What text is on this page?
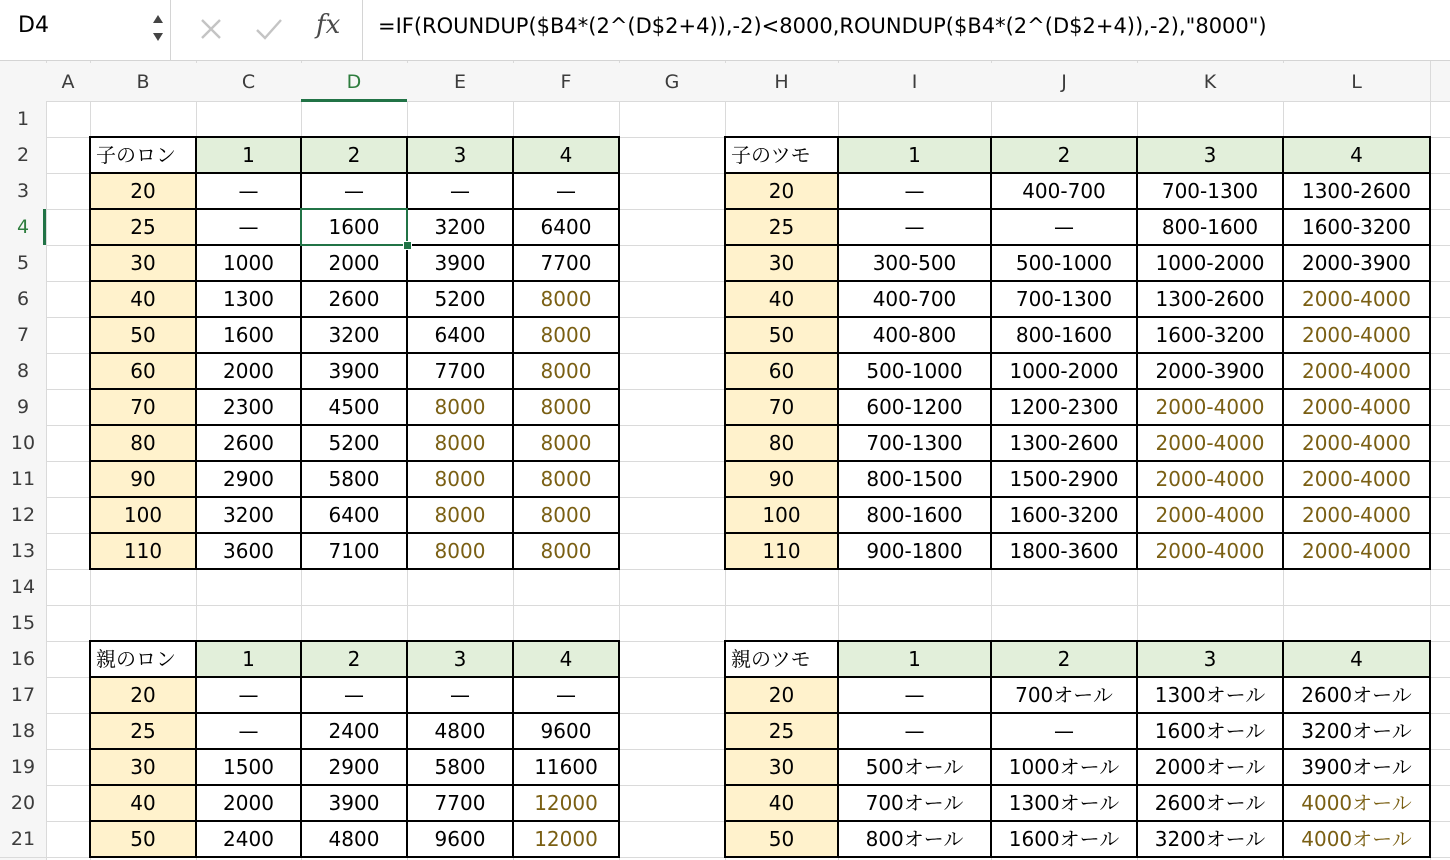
D4	fx =IF(ROUNDUP($B4*(2^(D$2+4)),-2)<8000,ROUNDUP($B4*(2^(D$2+4)),-2),"8000")
A	B	C	D	E	F	G	H	I	J	K	L
1
2
3
4
5
6
7
8
9
10
11
12
13
14
15
16
17
18
19
20
21
子のロン	1	2	3	4
20	—	—	—	—
25	—	1600	3200	6400
30	1000	2000	3900	7700
40	1300	2600	5200	8000
50	1600	3200	6400	8000
60	2000	3900	7700	8000
70	2300	4500	8000	8000
80	2600	5200	8000	8000
90	2900	5800	8000	8000
100	3200	6400	8000	8000
110	3600	7100	8000	8000
子のツモ	1	2	3	4
20	—	400-700	700-1300	1300-2600
25	—	—	800-1600	1600-3200
30	300-500	500-1000	1000-2000	2000-3900
40	400-700	700-1300	1300-2600	2000-4000
50	400-800	800-1600	1600-3200	2000-4000
60	500-1000	1000-2000	2000-3900	2000-4000
70	600-1200	1200-2300	2000-4000	2000-4000
80	700-1300	1300-2600	2000-4000	2000-4000
90	800-1500	1500-2900	2000-4000	2000-4000
100	800-1600	1600-3200	2000-4000	2000-4000
110	900-1800	1800-3600	2000-4000	2000-4000
親のロン	1	2	3	4
20	—	—	—	—
25	—	2400	4800	9600
30	1500	2900	5800	11600
40	2000	3900	7700	12000
50	2400	4800	9600	12000
親のツモ	1	2	3	4
20	—	700オール	1300オール	2600オール
25	—	—	1600オール	3200オール
30	500オール	1000オール	2000オール	3900オール
40	700オール	1300オール	2600オール	4000オール
50	800オール	1600オール	3200オール	4000オール
